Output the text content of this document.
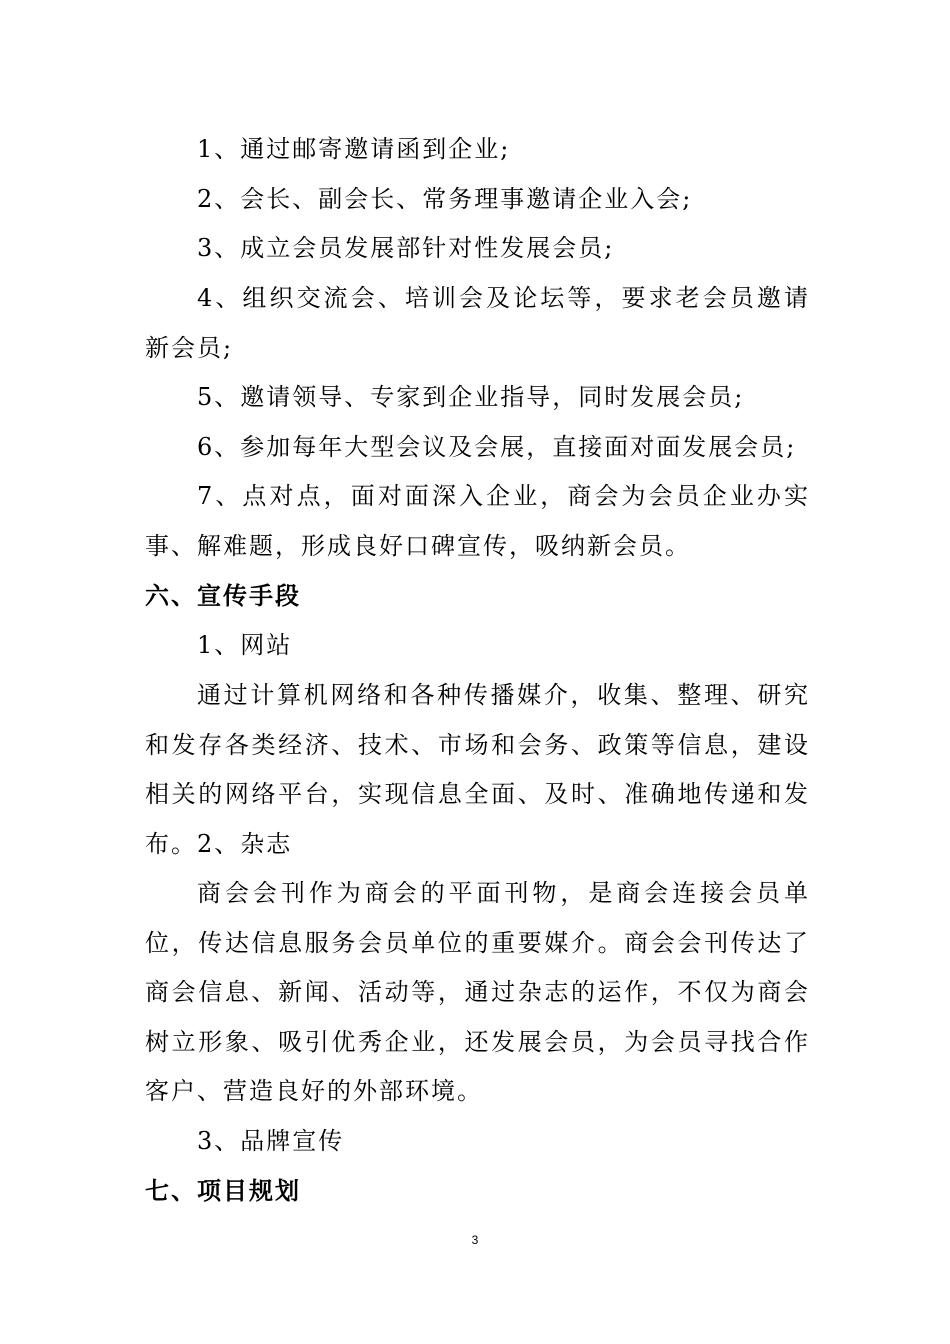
1、通过邮寄邀请函到企业;

2、会长、副会长、常务理事邀请企业入会;

3、成立会员发展部针对性发展会员;

4、组织交流会、培训会及论坛等，要求老会员邀请新会员;

5、邀请领导、专家到企业指导，同时发展会员;

6、参加每年大型会议及会展，直接面对面发展会员;

7、点对点，面对面深入企业，商会为会员企业办实事、解难题，形成良好口碑宣传，吸纳新会员。

六、宣传手段

1、网站

通过计算机网络和各种传播媒介，收集、整理、研究和发存各类经济、技术、市场和会务、政策等信息，建设相关的网络平台，实现信息全面、及时、准确地传递和发布。 2、杂志

商会会刊作为商会的平面刊物，是商会连接会员单位，传达信息服务会员单位的重要媒介。商会会刊传达了商会信息、新闻、活动等，通过杂志的运作，不仅为商会树立形象、吸引优秀企业，还发展会员，为会员寻找合作客户、营造良好的外部环境。

3、品牌宣传

七、项目规划
3
